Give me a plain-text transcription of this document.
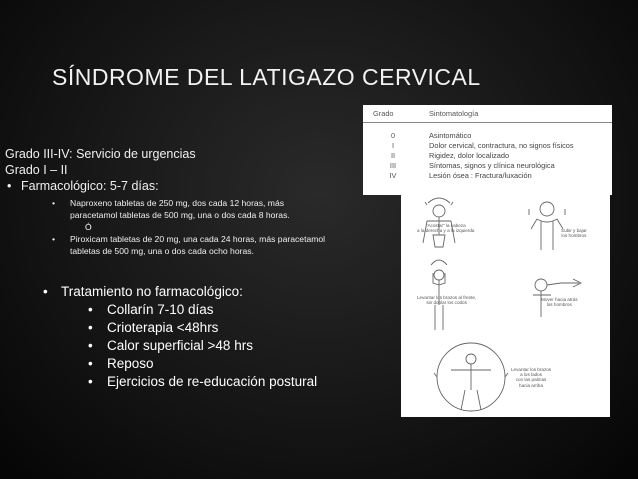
SÍNDROME DEL LATIGAZO CERVICAL
Grado III-IV: Servicio de urgencias
Grado I – II
• Farmacológico: 5-7 días:
• Naproxeno tabletas de 250 mg, dos cada 12 horas, más
paracetamol tabletas de 500 mg, una o dos cada 8 horas.
Ó
• Piroxicam tabletas de 20 mg, una cada 24 horas, más paracetamol
tabletas de 500 mg, una o dos cada ocho horas.
• Tratamiento no farmacológico:
• Collarín 7-10 días
• Crioterapia <48hrs
• Calor superficial >48 hrs
• Reposo
• Ejercicios de re-educación postural
Grado	Sintomatología
0	Asintomático
I	Dolor cervical, contractura, no signos físicos
II	Rigidez, dolor localizado
III	Síntomas, signos y clínica neurológica
IV	Lesión ósea : Fractura/luxación
"Acostar" la cabeza
a la derecha y a la izquierda	Subir y bajar
los hombros
Levantar los brazos al frente,
sin doblar los codos
Mover hacia atrás
los hombros
Levantar los brazos
a los lados
con las palmas
hacia arriba
